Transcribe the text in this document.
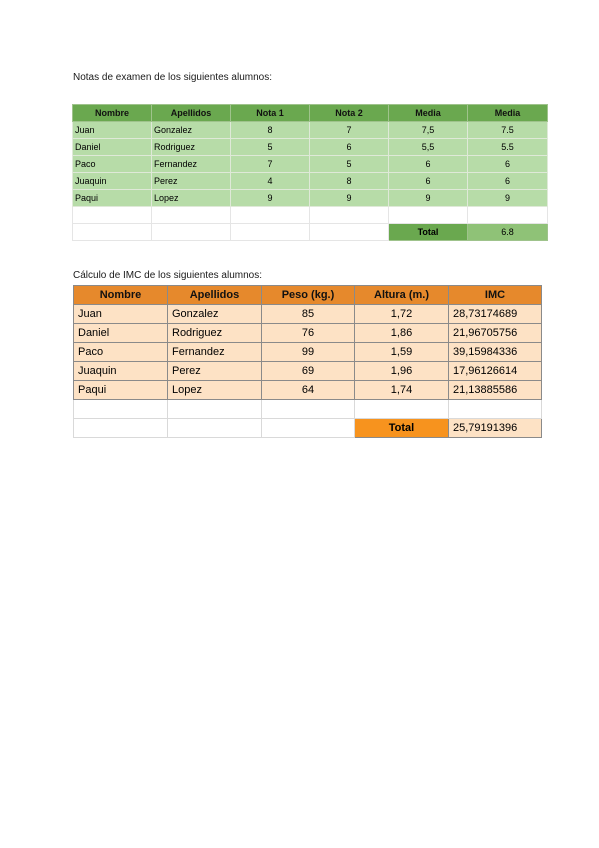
Notas de examen de los siguientes alumnos:
Nombre	Apellidos	Nota 1	Nota 2	Media	Media
Juan	Gonzalez	8	7	7,5	7.5
Daniel	Rodriguez	5	6	5,5	5.5
Paco	Fernandez	7	5	6	6
Juaquin	Perez	4	8	6	6
Paqui	Lopez	9	9	9	9

				Total	6.8
Cálculo de IMC de los siguientes alumnos:
Nombre	Apellidos	Peso (kg.)	Altura (m.)	IMC
Juan	Gonzalez	85	1,72	28,73174689
Daniel	Rodriguez	76	1,86	21,96705756
Paco	Fernandez	99	1,59	39,15984336
Juaquin	Perez	69	1,96	17,96126614
Paqui	Lopez	64	1,74	21,13885586

			Total	25,79191396
